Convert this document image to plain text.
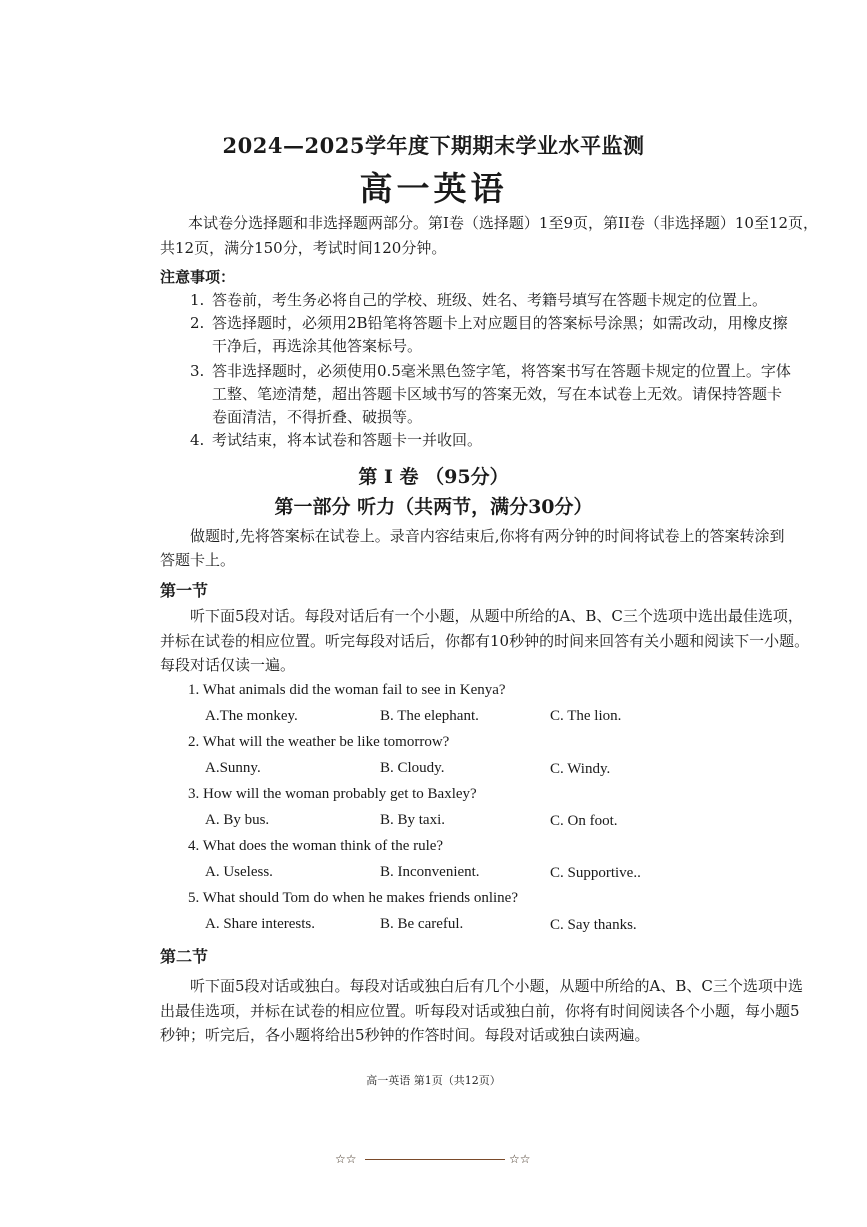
2024—2025学年度下期期末学业水平监测
高一英语
本试卷分选择题和非选择题两部分。第I卷（选择题）1至9页，第II卷（非选择题）10至12页，
共12页，满分150分，考试时间120分钟。
注意事项：
1. 答卷前，考生务必将自己的学校、班级、姓名、考籍号填写在答题卡规定的位置上。
2. 答选择题时，必须用2B铅笔将答题卡上对应题目的答案标号涂黑；如需改动，用橡皮擦
干净后，再选涂其他答案标号。
3. 答非选择题时，必须使用0.5毫米黑色签字笔，将答案书写在答题卡规定的位置上。字体
工整、笔迹清楚，超出答题卡区域书写的答案无效，写在本试卷上无效。请保持答题卡
卷面清洁，不得折叠、破损等。
4. 考试结束，将本试卷和答题卡一并收回。
第 I 卷 （95分）
第一部分 听力（共两节，满分30分）
做题时,先将答案标在试卷上。录音内容结束后,你将有两分钟的时间将试卷上的答案转涂到
答题卡上。
第一节
听下面5段对话。每段对话后有一个小题，从题中所给的A、B、C三个选项中选出最佳选项，
并标在试卷的相应位置。听完每段对话后，你都有10秒钟的时间来回答有关小题和阅读下一小题。
每段对话仅读一遍。
1. What animals did the woman fail to see in Kenya?
A.The monkey.	B. The elephant.	C. The lion.
2. What will the weather be like tomorrow?
A.Sunny.	B. Cloudy.	C. Windy.
3. How will the woman probably get to Baxley?
A. By bus.	B. By taxi.	C. On foot.
4. What does the woman think of the rule?
A. Useless.	B. Inconvenient.	C. Supportive..
5. What should Tom do when he makes friends online?
A. Share interests.	B. Be careful.	C. Say thanks.
第二节
听下面5段对话或独白。每段对话或独白后有几个小题，从题中所给的A、B、C三个选项中选
出最佳选项，并标在试卷的相应位置。听每段对话或独白前，你将有时间阅读各个小题，每小题5
秒钟；听完后，各小题将给出5秒钟的作答时间。每段对话或独白读两遍。
高一英语 第1页（共12页）
☆☆	☆☆
